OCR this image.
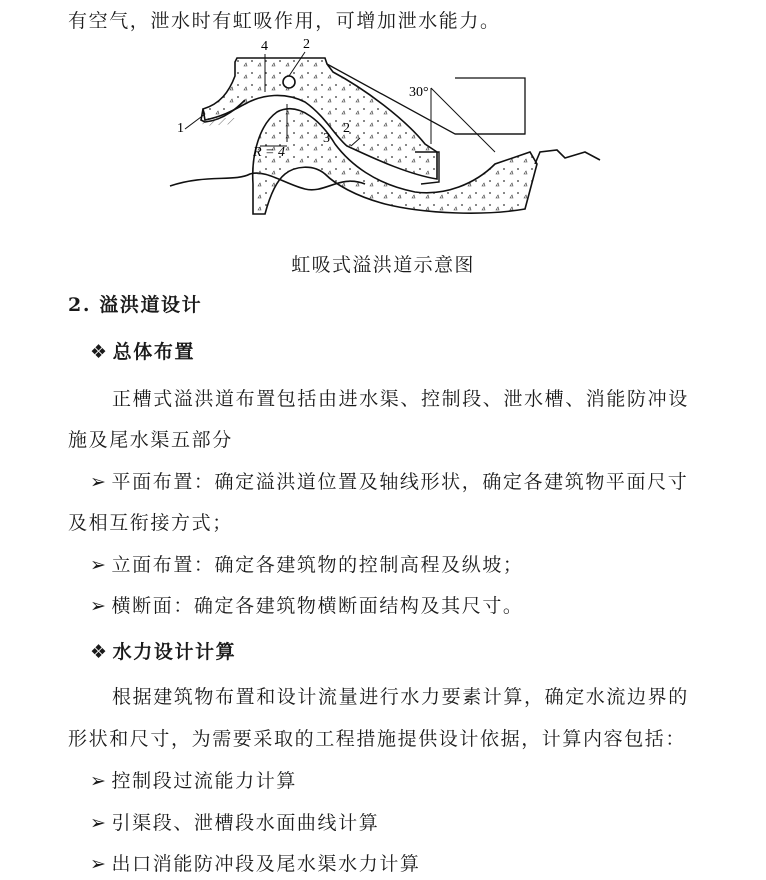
有空气，泄水时有虹吸作用，可增加泄水能力。
4	2
1
R = 4
3
2
30°
虹吸式溢洪道示意图
2. 溢洪道设计
❖ 总体布置
正槽式溢洪道布置包括由进水渠、控制段、泄水槽、消能防冲设
施及尾水渠五部分
➢ 平面布置：确定溢洪道位置及轴线形状，确定各建筑物平面尺寸
及相互衔接方式；
➢ 立面布置：确定各建筑物的控制高程及纵坡；
➢ 横断面：确定各建筑物横断面结构及其尺寸。
❖ 水力设计计算
根据建筑物布置和设计流量进行水力要素计算，确定水流边界的
形状和尺寸，为需要采取的工程措施提供设计依据，计算内容包括：
➢ 控制段过流能力计算
➢ 引渠段、泄槽段水面曲线计算
➢ 出口消能防冲段及尾水渠水力计算
